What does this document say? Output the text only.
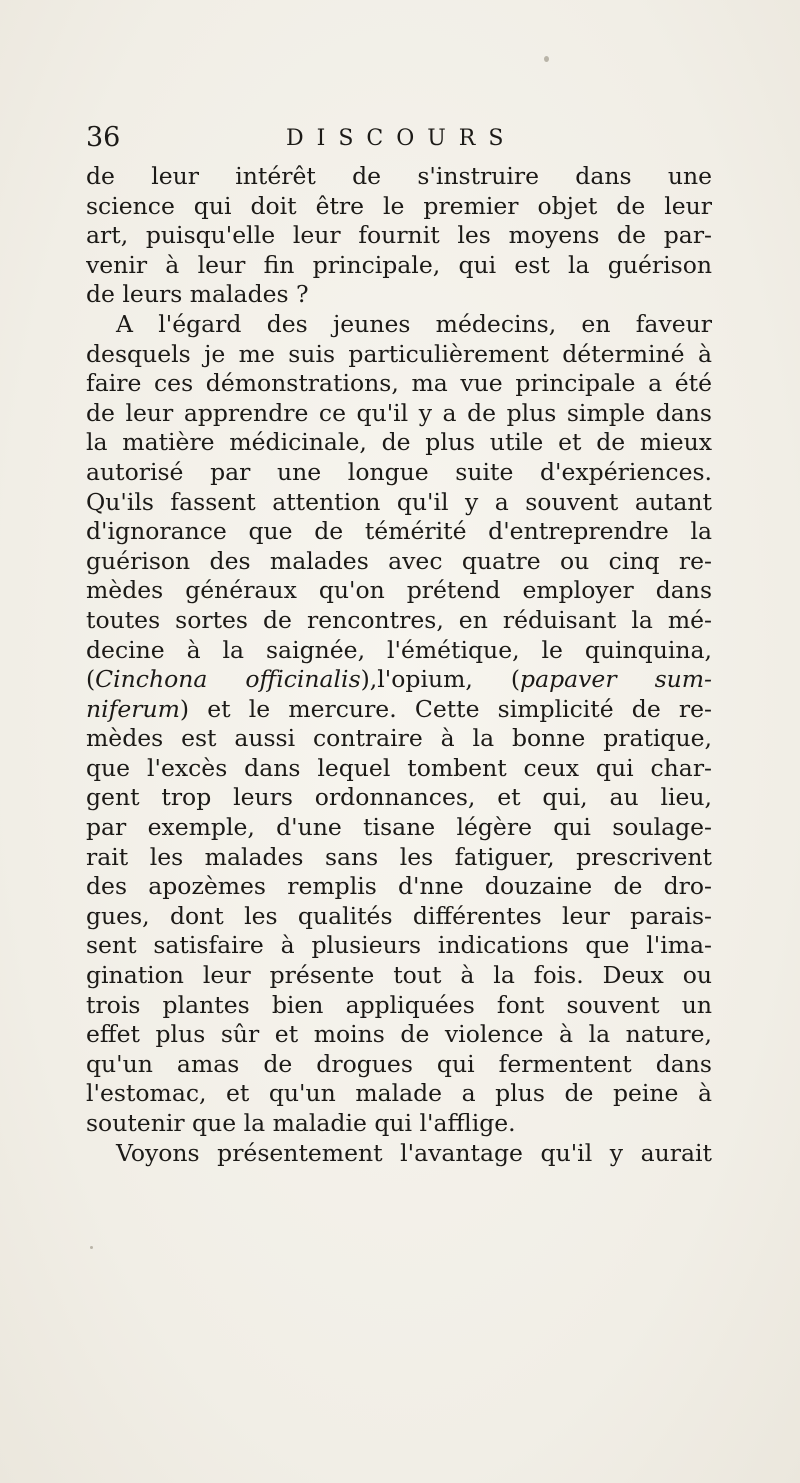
36	DISCOURS
de leur intérêt de s'instruire dans une
science qui doit être le premier objet de leur
art, puisqu'elle leur fournit les moyens de par-
venir à leur fin principale, qui est la guérison
de leurs malades ?
A l'égard des jeunes médecins, en faveur
desquels je me suis particulièrement déterminé à
faire ces démonstrations, ma vue principale a été
de leur apprendre ce qu'il y a de plus simple dans
la matière médicinale, de plus utile et de mieux
autorisé par une longue suite d'expériences.
Qu'ils fassent attention qu'il y a souvent autant
d'ignorance que de témérité d'entreprendre la
guérison des malades avec quatre ou cinq re-
mèdes généraux qu'on prétend employer dans
toutes sortes de rencontres, en réduisant la mé-
decine à la saignée, l'émétique, le quinquina,
(Cinchona officinalis),l'opium, (papaver sum-
niferum) et le mercure. Cette simplicité de re-
mèdes est aussi contraire à la bonne pratique,
que l'excès dans lequel tombent ceux qui char-
gent trop leurs ordonnances, et qui, au lieu,
par exemple, d'une tisane légère qui soulage-
rait les malades sans les fatiguer, prescrivent
des apozèmes remplis d'nne douzaine de dro-
gues, dont les qualités différentes leur parais-
sent satisfaire à plusieurs indications que l'ima-
gination leur présente tout à la fois. Deux ou
trois plantes bien appliquées font souvent un
effet plus sûr et moins de violence à la nature,
qu'un amas de drogues qui fermentent dans
l'estomac, et qu'un malade a plus de peine à
soutenir que la maladie qui l'afflige.
Voyons présentement l'avantage qu'il y aurait
